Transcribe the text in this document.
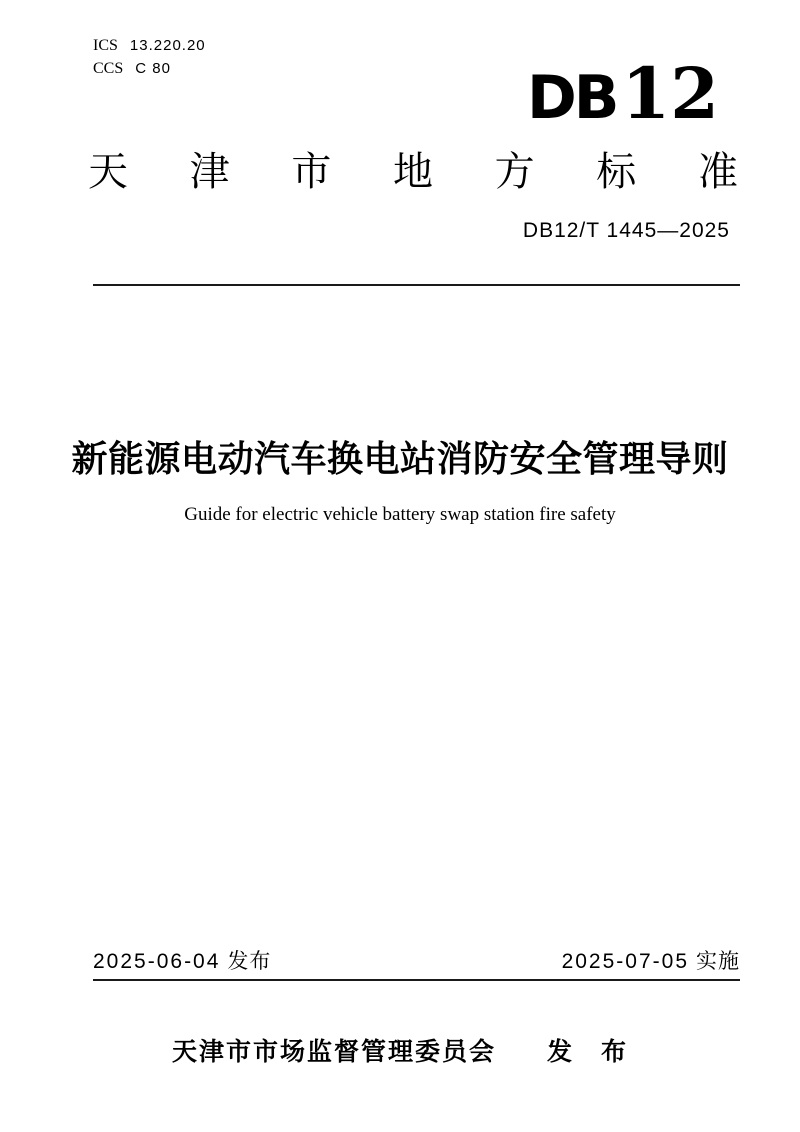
ICS 13.220.20
CCS C 80	DB 12
天 津 市 地 方 标 准
DB12/T 1445—2025
新能源电动汽车换电站消防安全管理导则
Guide for electric vehicle battery swap station fire safety
2025-06-04 发布	2025-07-05 实施
天津市市场监督管理委员会 发　布
